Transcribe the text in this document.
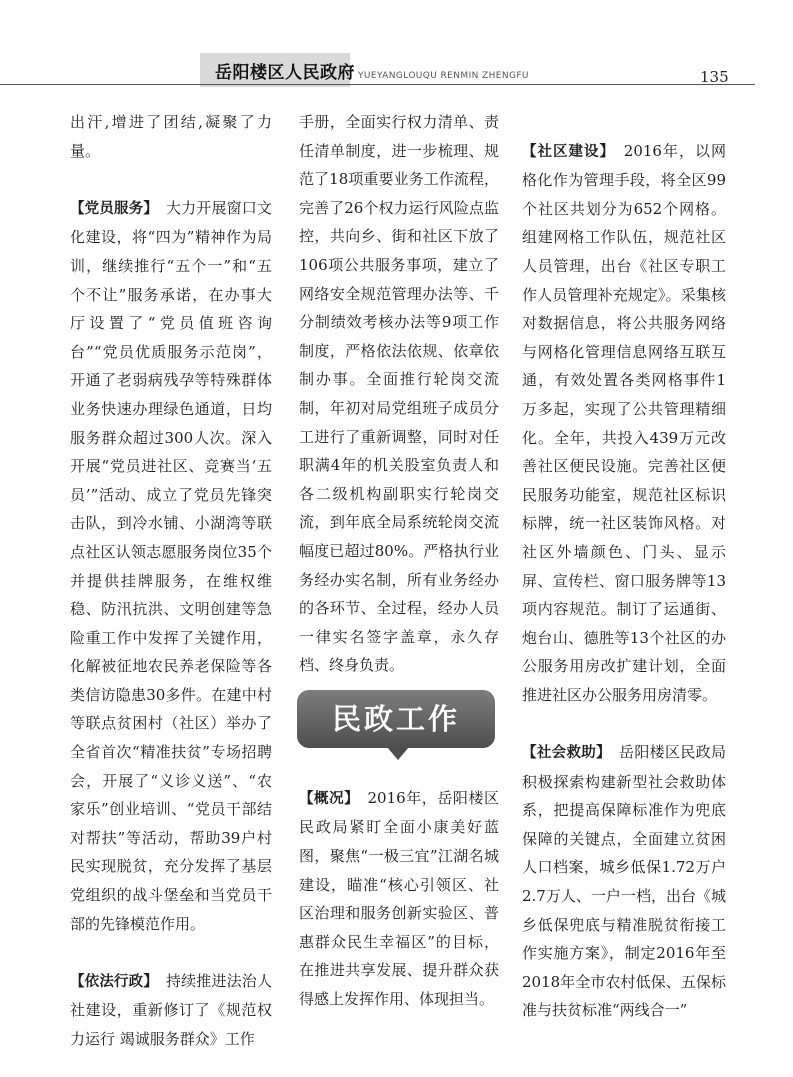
岳阳楼区人民政府 YUEYANGLOUQU RENMIN ZHENGFU	135

出汗,增进了团结,凝聚了力量。

【党员服务】　 大力开展窗口文化建设，将“四为”精神作为局训，继续推行“五个一”和“五个不让”服务承诺，在办事大厅设置了“党员值班咨询台”“党员优质服务示范岗”，开通了老弱病残孕等特殊群体业务快速办理绿色通道，日均服务群众超过300人次。深入开展“党员进社区、竞赛当‘五员’”活动、成立了党员先锋突击队，到冷水铺、小湖湾等联点社区认领志愿服务岗位35个并提供挂牌服务，在维权维稳、防汛抗洪、文明创建等急险重工作中发挥了关键作用，化解被征地农民养老保险等各类信访隐患30多件。在建中村等联点贫困村（社区）举办了全省首次“精准扶贫”专场招聘会，开展了“义诊义送”、“农家乐”创业培训、“党员干部结对帮扶”等活动，帮助39户村民实现脱贫，充分发挥了基层党组织的战斗堡垒和当党员干部的先锋模范作用。

【依法行政】　 持续推进法治人社建设，重新修订了《规范权力运行 竭诚服务群众》工作

手册，全面实行权力清单、责任清单制度，进一步梳理、规范了18项重要业务工作流程，完善了26个权力运行风险点监控，共向乡、街和社区下放了106项公共服务事项，建立了网络安全规范管理办法等、千分制绩效考核办法等9项工作制度，严格依法依规、依章依制办事。全面推行轮岗交流制，年初对局党组班子成员分工进行了重新调整，同时对任职满4年的机关股室负责人和各二级机构副职实行轮岗交流，到年底全局系统轮岗交流幅度已超过80%。严格执行业务经办实名制，所有业务经办的各环节、全过程，经办人员一律实名签字盖章，永久存档、终身负责。

民政工作

【概况】　 2016年，岳阳楼区民政局紧盯全面小康美好蓝图，聚焦“一极三宜”江湖名城建设，瞄准“核心引领区、社区治理和服务创新实验区、普惠群众民生幸福区”的目标，在推进共享发展、提升群众获得感上发挥作用、体现担当。

【社区建设】　 2016年，以网格化作为管理手段，将全区99个社区共划分为652个网格。组建网格工作队伍，规范社区人员管理，出台《社区专职工作人员管理补充规定》。采集核对数据信息，将公共服务网络与网格化管理信息网络互联互通，有效处置各类网格事件1万多起，实现了公共管理精细化。全年，共投入439万元改善社区便民设施。完善社区便民服务功能室，规范社区标识标牌，统一社区装饰风格。对社区外墙颜色、门头、显示屏、宣传栏、窗口服务牌等13项内容规范。制订了运通街、炮台山、德胜等13个社区的办公服务用房改扩建计划，全面推进社区办公服务用房清零。

【社会救助】　 岳阳楼区民政局积极探索构建新型社会救助体系，把提高保障标准作为兜底保障的关键点，全面建立贫困人口档案，城乡低保1.72万户2.7万人、一户一档，出台《城乡低保兜底与精准脱贫衔接工作实施方案》，制定2016年至2018年全市农村低保、五保标准与扶贫标准“两线合一”
